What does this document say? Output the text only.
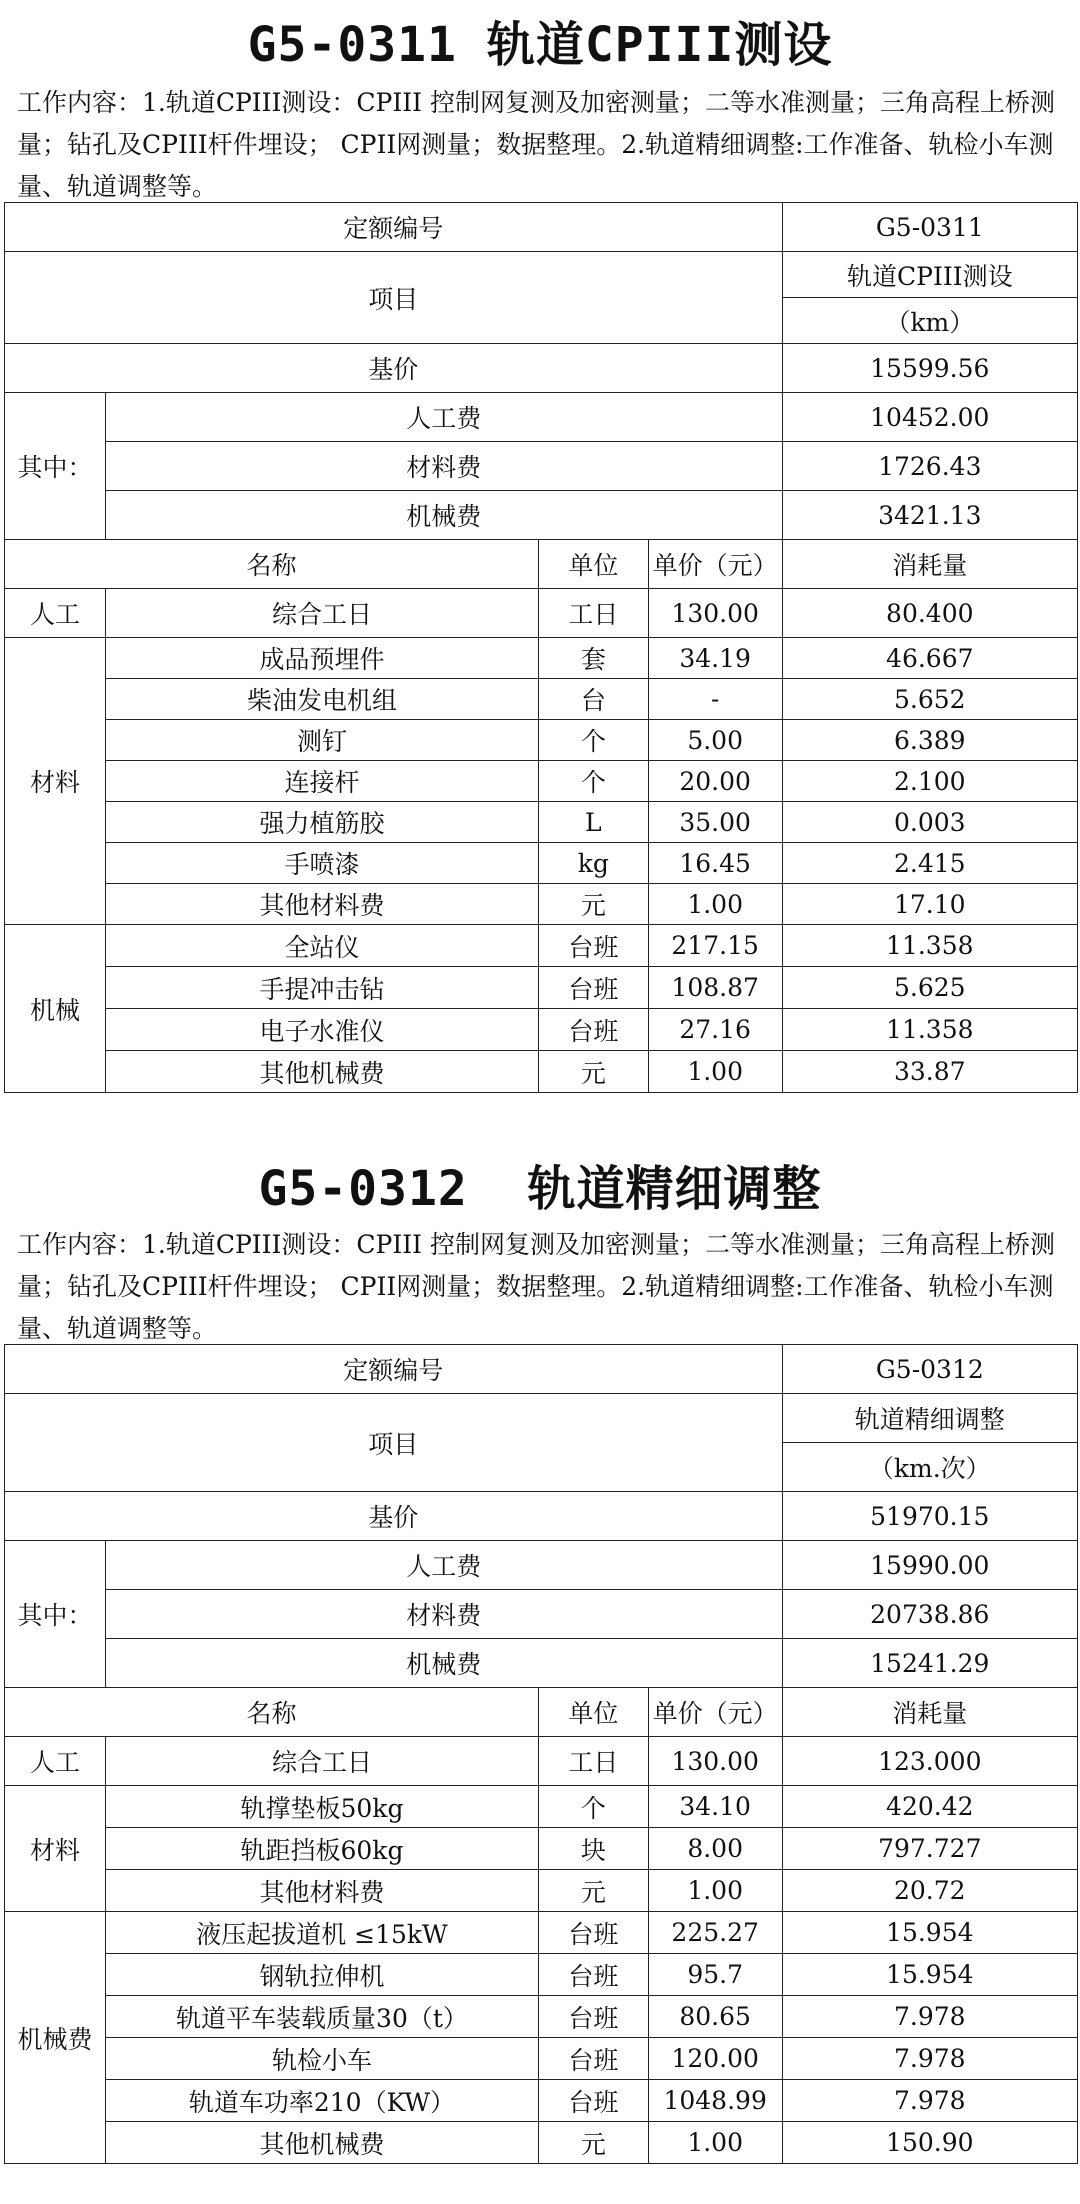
G5-0311 轨道CPIII测设

工作内容：1.轨道CPIII测设：CPIII 控制网复测及加密测量；二等水准测量；三角高程上桥测量；钻孔及CPIII杆件埋设； CPII网测量；数据整理。2.轨道精细调整:工作准备、轨检小车测量、轨道调整等。

定额编号				G5-0311
项目				轨道CPIII测设
				（km）
基价				15599.56
其中：	人工费			10452.00
	材料费			1726.43
	机械费			3421.13
名称		单位	单价（元）	消耗量
人工	综合工日	工日	130.00	80.400
材料	成品预埋件	套	34.19	46.667
	柴油发电机组	台	-	5.652
	测钉	个	5.00	6.389
	连接杆	个	20.00	2.100
	强力植筋胶	L	35.00	0.003
	手喷漆	kg	16.45	2.415
	其他材料费	元	1.00	17.10
机械	全站仪	台班	217.15	11.358
	手提冲击钻	台班	108.87	5.625
	电子水准仪	台班	27.16	11.358
	其他机械费	元	1.00	33.87
G5-0312  轨道精细调整

工作内容：1.轨道CPIII测设：CPIII 控制网复测及加密测量；二等水准测量；三角高程上桥测量；钻孔及CPIII杆件埋设； CPII网测量；数据整理。2.轨道精细调整:工作准备、轨检小车测量、轨道调整等。

定额编号				G5-0312
项目				轨道精细调整
				（km.次）
基价				51970.15
其中：	人工费			15990.00
	材料费			20738.86
	机械费			15241.29
名称		单位	单价（元）	消耗量
人工	综合工日	工日	130.00	123.000
材料	轨撑垫板50kg	个	34.10	420.42
	轨距挡板60kg	块	8.00	797.727
	其他材料费	元	1.00	20.72
机械费	液压起拔道机 ≤15kW	台班	225.27	15.954
	钢轨拉伸机	台班	95.7	15.954
	轨道平车装载质量30（t）	台班	80.65	7.978
	轨检小车	台班	120.00	7.978
	轨道车功率210（KW）	台班	1048.99	7.978
	其他机械费	元	1.00	150.90
